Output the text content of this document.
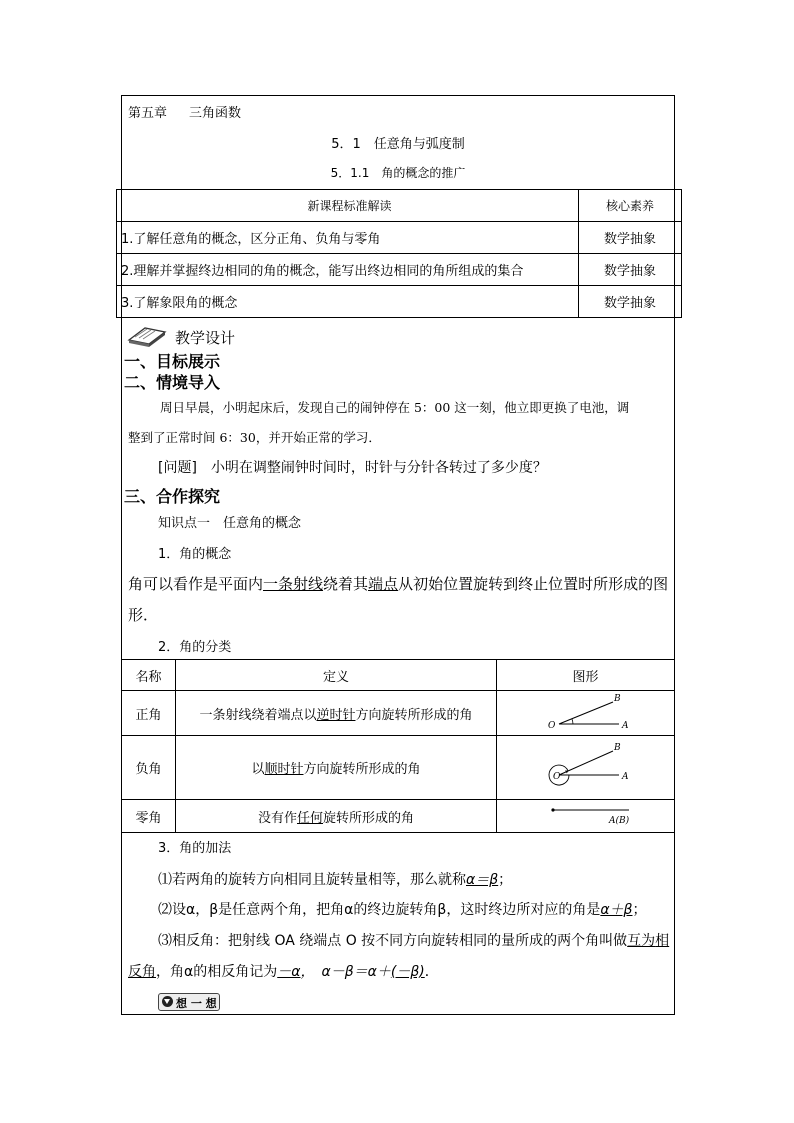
第五章 三角函数
5．1　任意角与弧度制
5．1.1　角的概念的推广
新课程标准解读	核心素养
1.了解任意角的概念，区分正角、负角与零角	数学抽象
2.理解并掌握终边相同的角的概念，能写出终边相同的角所组成的集合	数学抽象
3.了解象限角的概念	数学抽象
教学设计
一、目标展示
二、情境导入
周日早晨，小明起床后，发现自己的闹钟停在 5：00 这一刻，他立即更换了电池，调
整到了正常时间 6：30，并开始正常的学习．
[问题]　 小明在调整闹钟时间时，时针与分针各转过了多少度？
三、合作探究
知识点一　任意角的概念
1．角的概念
角可以看作是平面内一条射线绕着其端点从初始位置旋转到终止位置时所形成的图
形．
2．角的分类
名称	定义	图形
正角	一条射线绕着端点以逆时针方向旋转所形成的角	O A
B

负角	以顺时针方向旋转所形成的角	O A
B

零角	没有作任何旋转所形成的角	A(B)
3．角的加法
⑴若两角的旋转方向相同且旋转量相等，那么就称α＝β；
⑵设α，β是任意两个角，把角α的终边旋转角β，这时终边所对应的角是α＋β；
⑶相反角：把射线 OA 绕端点 O 按不同方向旋转相同的量所成的两个角叫做互为相
反角，角α的相反角记为－α，　α－β＝α＋(－β)．
想 一 想
